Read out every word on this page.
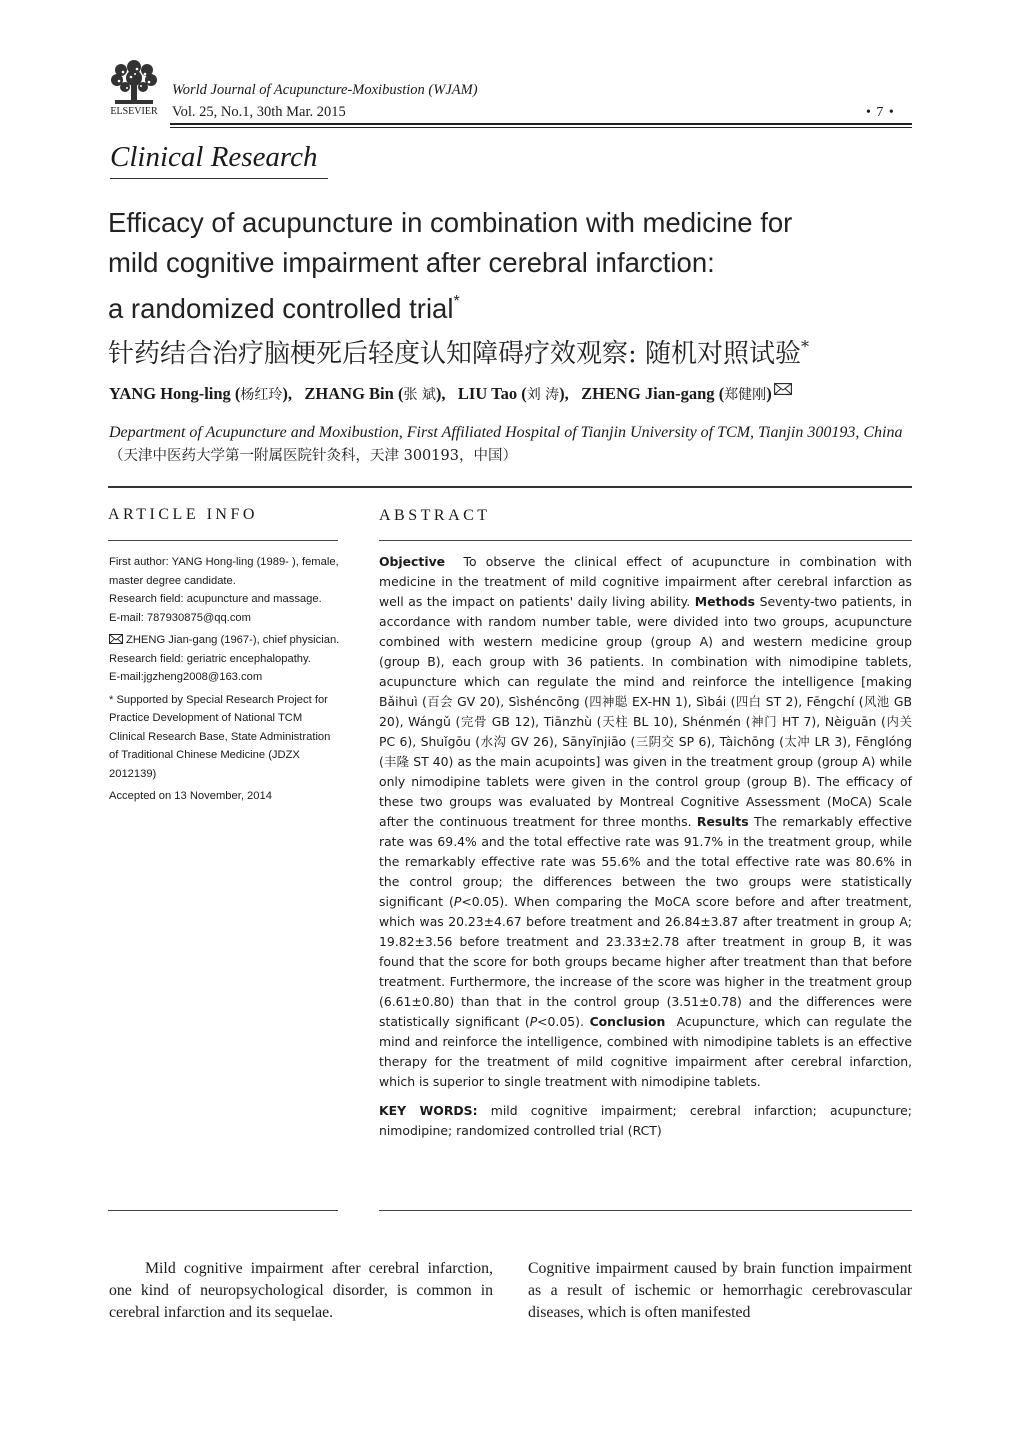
ELSEVIER
World Journal of Acupuncture-Moxibustion (WJAM)
Vol. 25, No.1, 30th Mar. 2015	• 7 •
Clinical Research
Efficacy of acupuncture in combination with medicine for
mild cognitive impairment after cerebral infarction:
a randomized controlled trial*
针药结合治疗脑梗死后轻度认知障碍疗效观察: 随机对照试验*
YANG Hong-ling (杨红玲),   ZHANG Bin (张 斌),   LIU Tao (刘 涛),   ZHENG Jian-gang (郑健刚)
Department of Acupuncture and Moxibustion, First Affiliated Hospital of Tianjin University of TCM, Tianjin 300193, China（天津中医药大学第一附属医院针灸科，天津 300193，中国）
ARTICLE INFO	ABSTRACT

First author: YANG Hong-ling (1989- ), female, master degree candidate.
Research field: acupuncture and massage.
E-mail: 787930875@qq.com

ZHENG Jian-gang (1967-), chief physician.
Research field: geriatric encephalopathy.
E-mail:jgzheng2008@163.com

* Supported by Special Research Project for Practice Development of National TCM Clinical Research Base, State Administration of Traditional Chinese Medicine (JDZX 2012139)

Accepted on 13 November, 2014

Objective To observe the clinical effect of acupuncture in combination with medicine in the treatment of mild cognitive impairment after cerebral infarction as well as the impact on patients' daily living ability. Methods Seventy-two patients, in accordance with random number table, were divided into two groups, acupuncture combined with western medicine group (group A) and western medicine group (group B), each group with 36 patients. In combination with nimodipine tablets, acupuncture which can regulate the mind and reinforce the intelligence [making Bǎihuì (百会 GV 20), Sìshéncōng (四神聪 EX-HN 1), Sìbái (四白 ST 2), Fēngchí (风池 GB 20), Wángǔ (完骨 GB 12), Tiānzhù (天柱 BL 10), Shénmén (神门 HT 7), Nèiguān (内关 PC 6), Shuǐgōu (水沟 GV 26), Sānyīnjiāo (三阴交 SP 6), Tàichōng (太冲 LR 3), Fēnglóng (丰隆 ST 40) as the main acupoints] was given in the treatment group (group A) while only nimodipine tablets were given in the control group (group B). The efficacy of these two groups was evaluated by Montreal Cognitive Assessment (MoCA) Scale after the continuous treatment for three months. Results The remarkably effective rate was 69.4% and the total effective rate was 91.7% in the treatment group, while the remarkably effective rate was 55.6% and the total effective rate was 80.6% in the control group; the differences between the two groups were statistically significant (P<0.05). When comparing the MoCA score before and after treatment, which was 20.23±4.67 before treatment and 26.84±3.87 after treatment in group A; 19.82±3.56 before treatment and 23.33±2.78 after treatment in group B, it was found that the score for both groups became higher after treatment than that before treatment. Furthermore, the increase of the score was higher in the treatment group (6.61±0.80) than that in the control group (3.51±0.78) and the differences were statistically significant (P<0.05). Conclusion Acupuncture, which can regulate the mind and reinforce the intelligence, combined with nimodipine tablets is an effective therapy for the treatment of mild cognitive impairment after cerebral infarction, which is superior to single treatment with nimodipine tablets.

KEY WORDS: mild cognitive impairment; cerebral infarction; acupuncture; nimodipine; randomized controlled trial (RCT)

Mild cognitive impairment after cerebral infarction, one kind of neuropsychological disorder, is common in cerebral infarction and its sequelae.

Cognitive impairment caused by brain function impairment as a result of ischemic or hemorrhagic cerebrovascular diseases, which is often manifested
